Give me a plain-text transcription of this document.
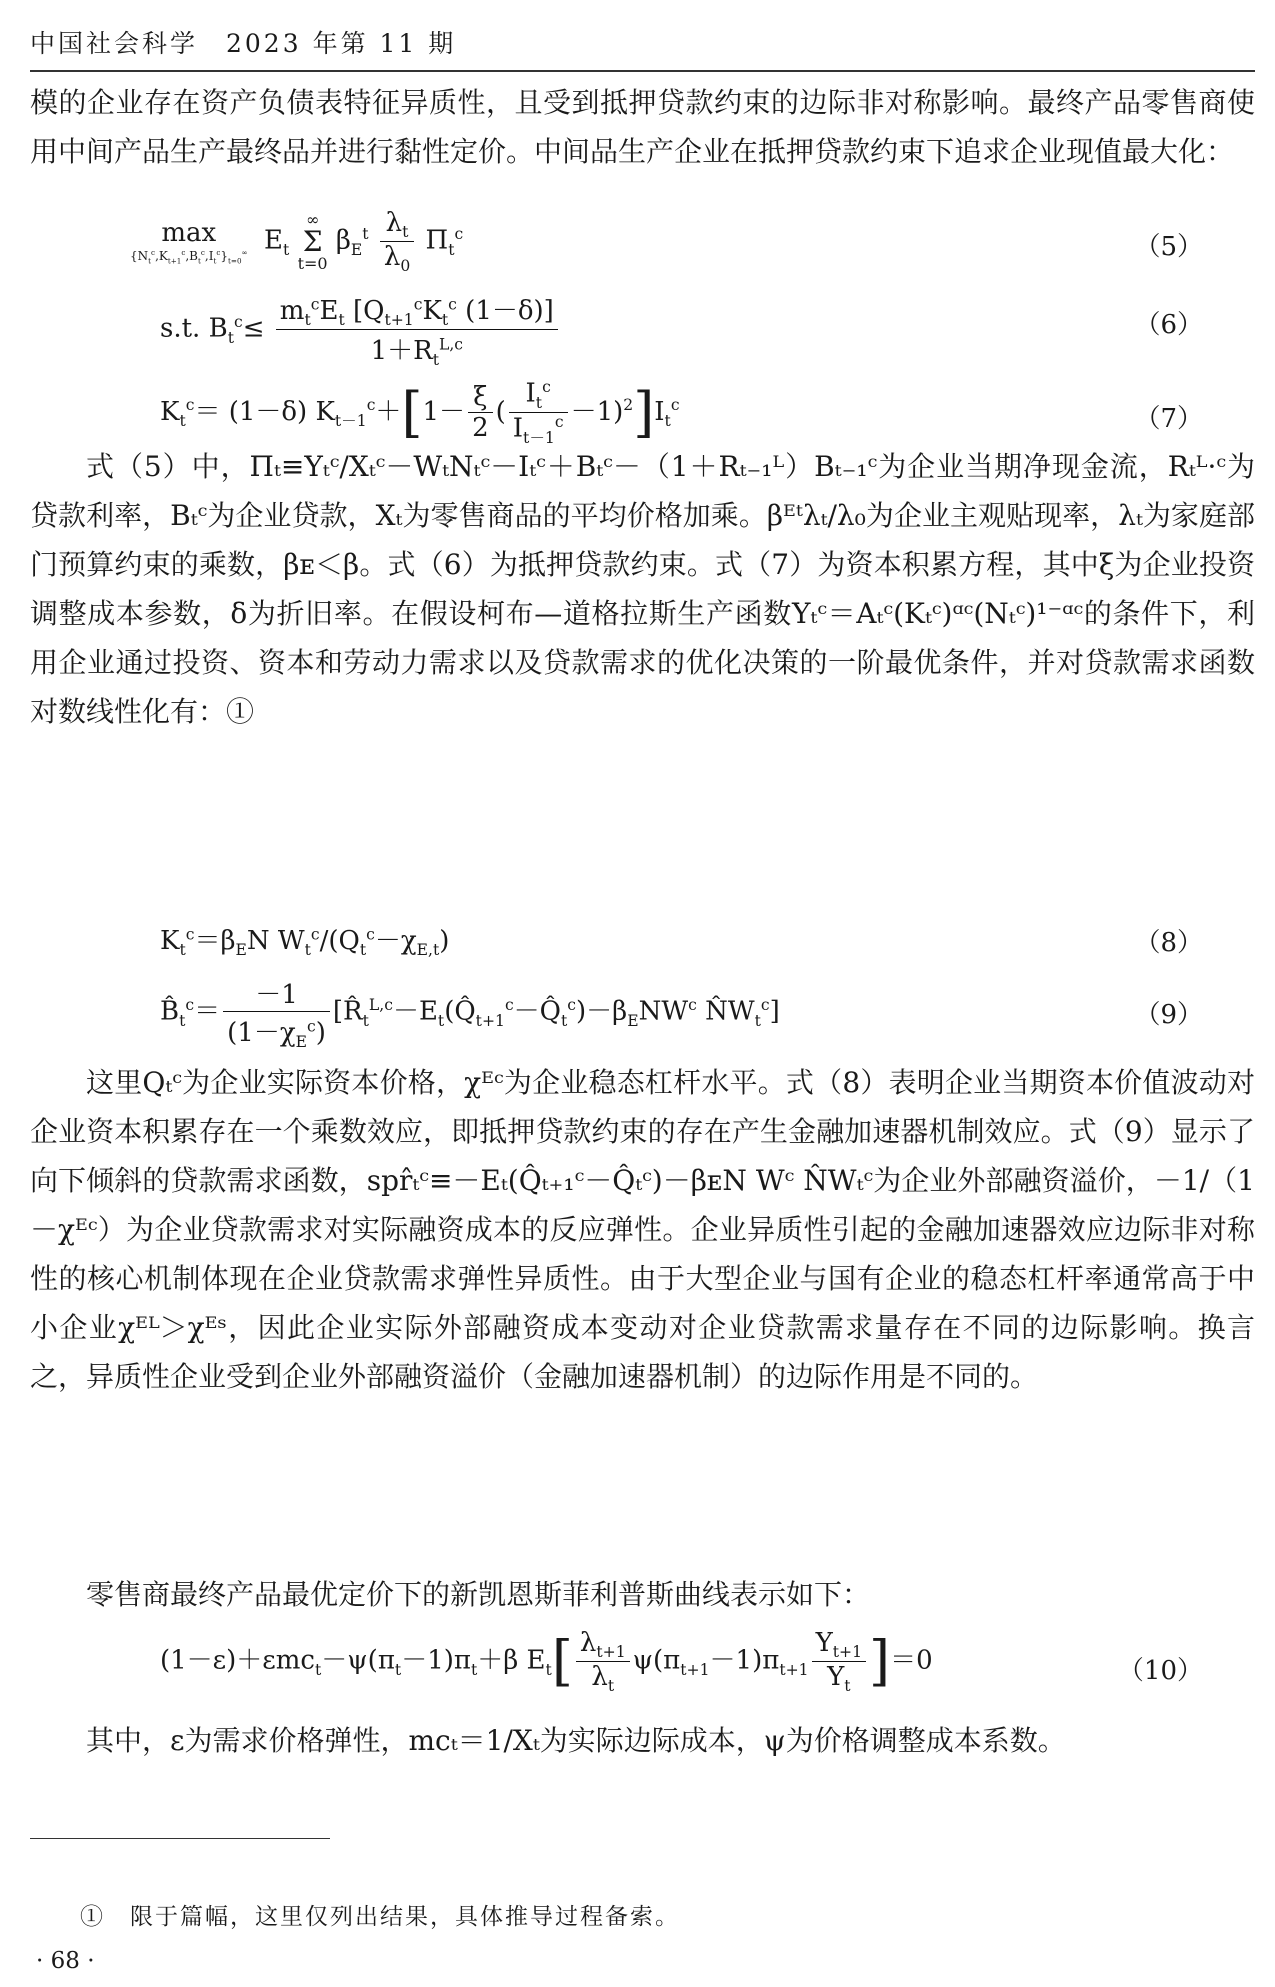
中国社会科学　2023 年第 11 期

模的企业存在资产负债表特征异质性，且受到抵押贷款约束的边际非对称影响。最终产品零售商使用中间产品生产最终品并进行黏性定价。中间品生产企业在抵押贷款约束下追求企业现值最大化：

max
$\{N_t^c,K_{t+1}^c,B_t^c,I_t^c\}_{t=0}^\infty$ $E_t$ ∞
Σ
t=0 $\beta_E^t \frac{\lambda_t}{\lambda_0} \Pi_t^c$	（5）
s.t. $B_t^c\le \frac{m_t^cE_t [Q_{t+1}^cK_t^c (1-\delta)]}{1+R_t^{L,c}}$	（6）
$K_t^c= (1-\delta)$ $K_{t-1}^c+[1- \frac{\xi}{2}$ ( $\frac{I_t^c}{I_{t-1}^c} -1)^2]I_t^c$	（7）

式（5）中，Πₜ≡Yₜᶜ/Xₜᶜ－WₜNₜᶜ－Iₜᶜ＋Bₜᶜ－（1＋Rₜ₋₁ᴸ）Bₜ₋₁ᶜ为企业当期净现金流，Rₜᴸ·ᶜ为贷款利率，Bₜᶜ为企业贷款，Xₜ为零售商品的平均价格加乘。βᴱᵗλₜ/λ₀为企业主观贴现率，λₜ为家庭部门预算约束的乘数，βᴇ＜β。式（6）为抵押贷款约束。式（7）为资本积累方程，其中ξ为企业投资调整成本参数，δ为折旧率。在假设柯布—道格拉斯生产函数Yₜᶜ＝Aₜᶜ(Kₜᶜ)ᵅᶜ(Nₜᶜ)¹⁻ᵅᶜ的条件下，利用企业通过投资、资本和劳动力需求以及贷款需求的优化决策的一阶最优条件，并对贷款需求函数对数线性化有：①

$K_t^c=\beta_EN$ $W_t^c/(Q_t^c-\chi_{E,t})$	（8）
$B̂_t^c= \frac{-1}{(1-\chi_E^c)}$ [$R̂_t^{L,c}-E_t(Q̂_{t+1}^c-Q̂_t^c)-\beta_ENW^c$ $N̂W_t^c$]	（9）

这里Qₜᶜ为企业实际资本价格，χᴱᶜ为企业稳态杠杆水平。式（8）表明企业当期资本价值波动对企业资本积累存在一个乘数效应，即抵押贷款约束的存在产生金融加速器机制效应。式（9）显示了向下倾斜的贷款需求函数，spr̂ₜᶜ≡－Eₜ(Q̂ₜ₊₁ᶜ－Q̂ₜᶜ)－βᴇN Wᶜ N̂Wₜᶜ为企业外部融资溢价，－1/（1－χᴱᶜ）为企业贷款需求对实际融资成本的反应弹性。企业异质性引起的金融加速器效应边际非对称性的核心机制体现在企业贷款需求弹性异质性。由于大型企业与国有企业的稳态杠杆率通常高于中小企业χᴱᴸ＞χᴱˢ，因此企业实际外部融资成本变动对企业贷款需求量存在不同的边际影响。换言之，异质性企业受到企业外部融资溢价（金融加速器机制）的边际作用是不同的。

零售商最终产品最优定价下的新凯恩斯菲利普斯曲线表示如下：

$(1-\varepsilon)+\varepsilon mc_t-\psi(\pi_t-1)\pi_t+\beta$ $E_t[ \frac{\lambda_{t+1}}{\lambda_t} \psi(\pi_{t+1}-1)\pi_{t+1} \frac{Y_{t+1}}{Y_t} ]=0$	（10）

其中，ε为需求价格弹性，mcₜ＝1/Xₜ为实际边际成本，ψ为价格调整成本系数。

①　限于篇幅，这里仅列出结果，具体推导过程备索。
· 68 ·
